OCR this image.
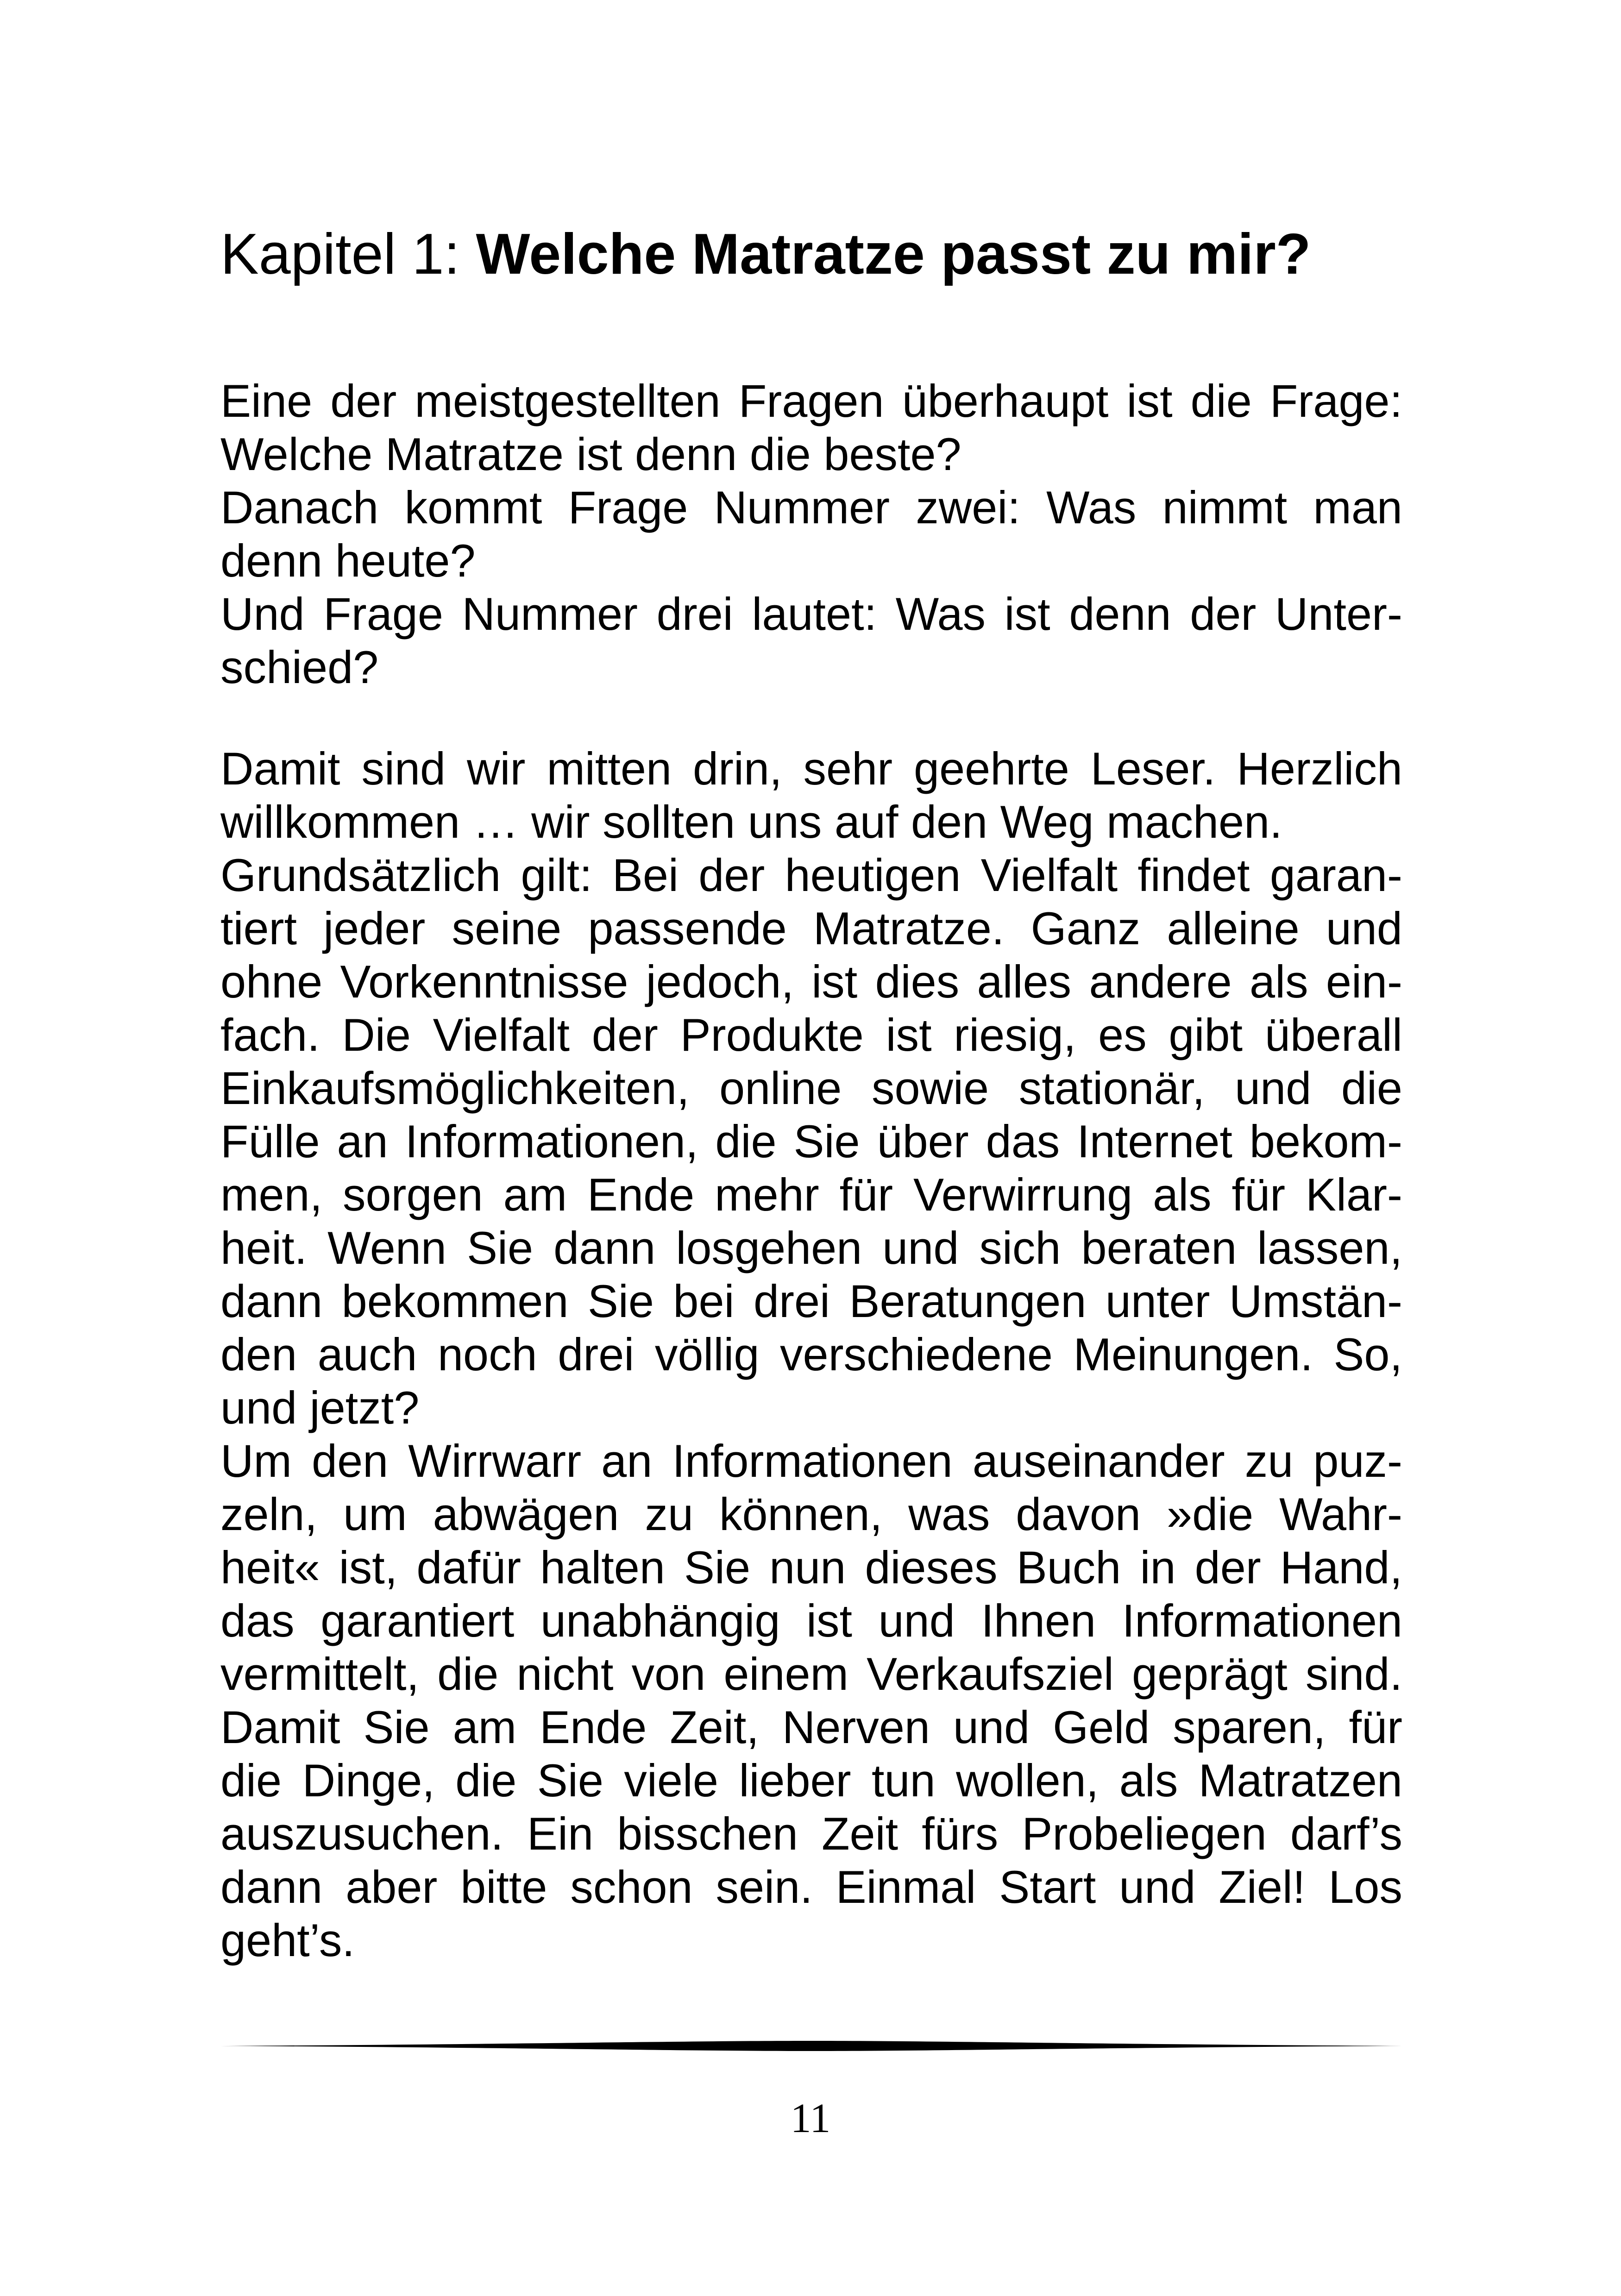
Kapitel 1: Welche Matratze passt zu mir?
Eine der meistgestellten Fragen überhaupt ist die Frage:
Welche Matratze ist denn die beste?
Danach kommt Frage Nummer zwei: Was nimmt man
denn heute?
Und Frage Nummer drei lautet: Was ist denn der Unter-
schied?
Damit sind wir mitten drin, sehr geehrte Leser. Herzlich
willkommen … wir sollten uns auf den Weg machen.
Grundsätzlich gilt: Bei der heutigen Vielfalt findet garan-
tiert jeder seine passende Matratze. Ganz alleine und
ohne Vorkenntnisse jedoch, ist dies alles andere als ein-
fach. Die Vielfalt der Produkte ist riesig, es gibt überall
Einkaufsmöglichkeiten, online sowie stationär, und die
Fülle an Informationen, die Sie über das Internet bekom-
men, sorgen am Ende mehr für Verwirrung als für Klar-
heit. Wenn Sie dann losgehen und sich beraten lassen,
dann bekommen Sie bei drei Beratungen unter Umstän-
den auch noch drei völlig verschiedene Meinungen. So,
und jetzt?
Um den Wirrwarr an Informationen auseinander zu puz-
zeln, um abwägen zu können, was davon »die Wahr-
heit« ist, dafür halten Sie nun dieses Buch in der Hand,
das garantiert unabhängig ist und Ihnen Informationen
vermittelt, die nicht von einem Verkaufsziel geprägt sind.
Damit Sie am Ende Zeit, Nerven und Geld sparen, für
die Dinge, die Sie viele lieber tun wollen, als Matratzen
auszusuchen. Ein bisschen Zeit fürs Probeliegen darf’s
dann aber bitte schon sein. Einmal Start und Ziel! Los
geht’s.
11
